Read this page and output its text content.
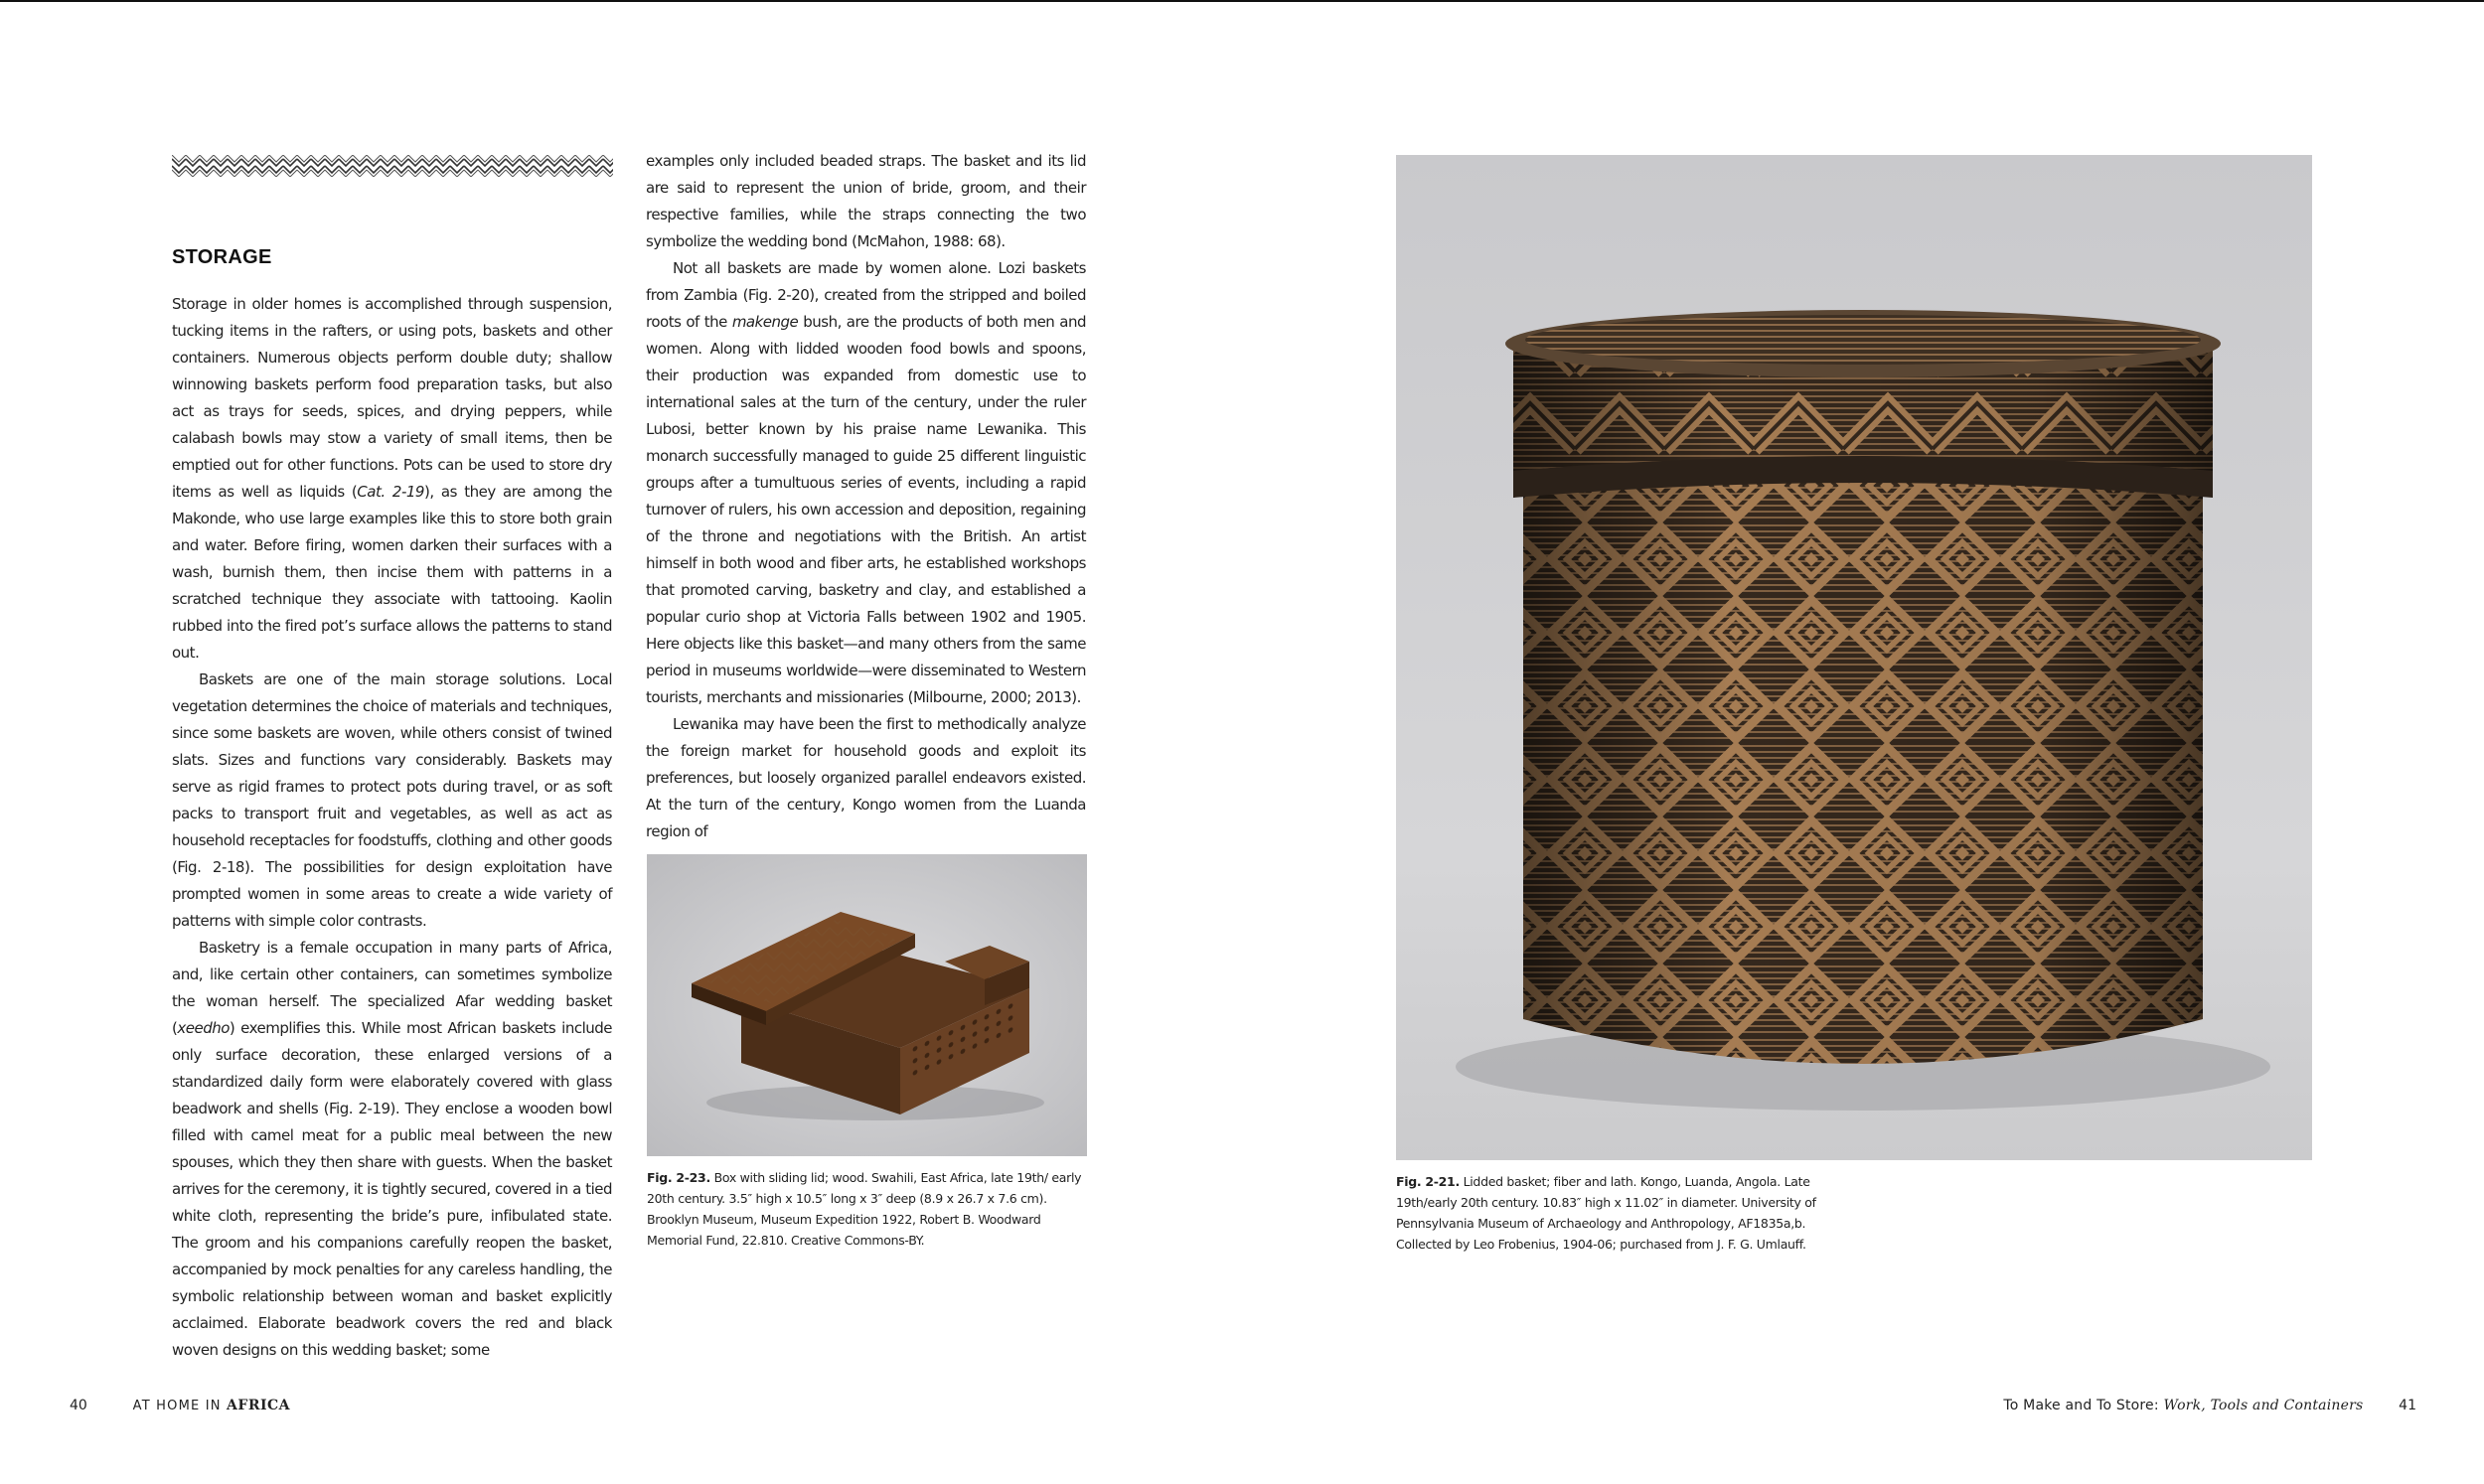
STORAGE

Storage in older homes is accomplished through suspension, tucking items in the rafters, or using pots, baskets and other containers. Numerous objects perform double duty; shallow winnowing baskets perform food preparation tasks, but also act as trays for seeds, spices, and drying peppers, while calabash bowls may stow a variety of small items, then be emptied out for other functions. Pots can be used to store dry items as well as liquids (Cat. 2-19), as they are among the Makonde, who use large examples like this to store both grain and water. Before firing, women darken their surfaces with a wash, burnish them, then incise them with patterns in a scratched technique they associate with tattooing. Kaolin rubbed into the fired pot’s surface allows the patterns to stand out.

Baskets are one of the main storage solutions. Local vegetation determines the choice of materials and techniques, since some baskets are woven, while others consist of twined slats. Sizes and functions vary considerably. Baskets may serve as rigid frames to protect pots during travel, or as soft packs to transport fruit and vegetables, as well as act as household receptacles for foodstuffs, clothing and other goods (Fig. 2-18). The possibilities for design exploitation have prompted women in some areas to create a wide variety of patterns with simple color contrasts.

Basketry is a female occupation in many parts of Africa, and, like certain other containers, can sometimes symbolize the woman herself. The specialized Afar wedding basket (xeedho) exemplifies this. While most African baskets include only surface decoration, these enlarged versions of a standardized daily form were elaborately covered with glass beadwork and shells (Fig. 2-19). They enclose a wooden bowl filled with camel meat for a public meal between the new spouses, which they then share with guests. When the basket arrives for the ceremony, it is tightly secured, covered in a tied white cloth, representing the bride’s pure, infibulated state. The groom and his companions carefully reopen the basket, accompanied by mock penalties for any careless handling, the symbolic relationship between woman and basket explicitly acclaimed. Elaborate beadwork covers the red and black woven designs on this wedding basket; some

examples only included beaded straps. The basket and its lid are said to represent the union of bride, groom, and their respective families, while the straps connecting the two symbolize the wedding bond (McMahon, 1988: 68).

Not all baskets are made by women alone. Lozi baskets from Zambia (Fig. 2-20), created from the stripped and boiled roots of the makenge bush, are the products of both men and women. Along with lidded wooden food bowls and spoons, their production was expanded from domestic use to international sales at the turn of the century, under the ruler Lubosi, better known by his praise name Lewanika. This monarch successfully managed to guide 25 different linguistic groups after a tumultuous series of events, including a rapid turnover of rulers, his own accession and deposition, regaining of the throne and negotiations with the British. An artist himself in both wood and fiber arts, he established workshops that promoted carving, basketry and clay, and established a popular curio shop at Victoria Falls between 1902 and 1905. Here objects like this basket—and many others from the same period in museums worldwide—were disseminated to Western tourists, merchants and missionaries (Milbourne, 2000; 2013).

Lewanika may have been the first to methodically analyze the foreign market for household goods and exploit its preferences, but loosely organized parallel endeavors existed. At the turn of the century, Kongo women from the Luanda region of

Fig. 2-23. Box with sliding lid; wood. Swahili, East Africa, late 19th/ early 20th century. 3.5″ high x 10.5″ long x 3″ deep (8.9 x 26.7 x 7.6 cm). Brooklyn Museum, Museum Expedition 1922, Robert B. Woodward Memorial Fund, 22.810. Creative Commons-BY.

Fig. 2-21. Lidded basket; fiber and lath. Kongo, Luanda, Angola. Late 19th/early 20th century. 10.83″ high x 11.02″ in diameter. University of Pennsylvania Museum of Archaeology and Anthropology, AF1835a,b. Collected by Leo Frobenius, 1904-06; purchased from J. F. G. Umlauff.

40	AT HOME IN AFRICA	To Make and To Store: Work, Tools and Containers	41
